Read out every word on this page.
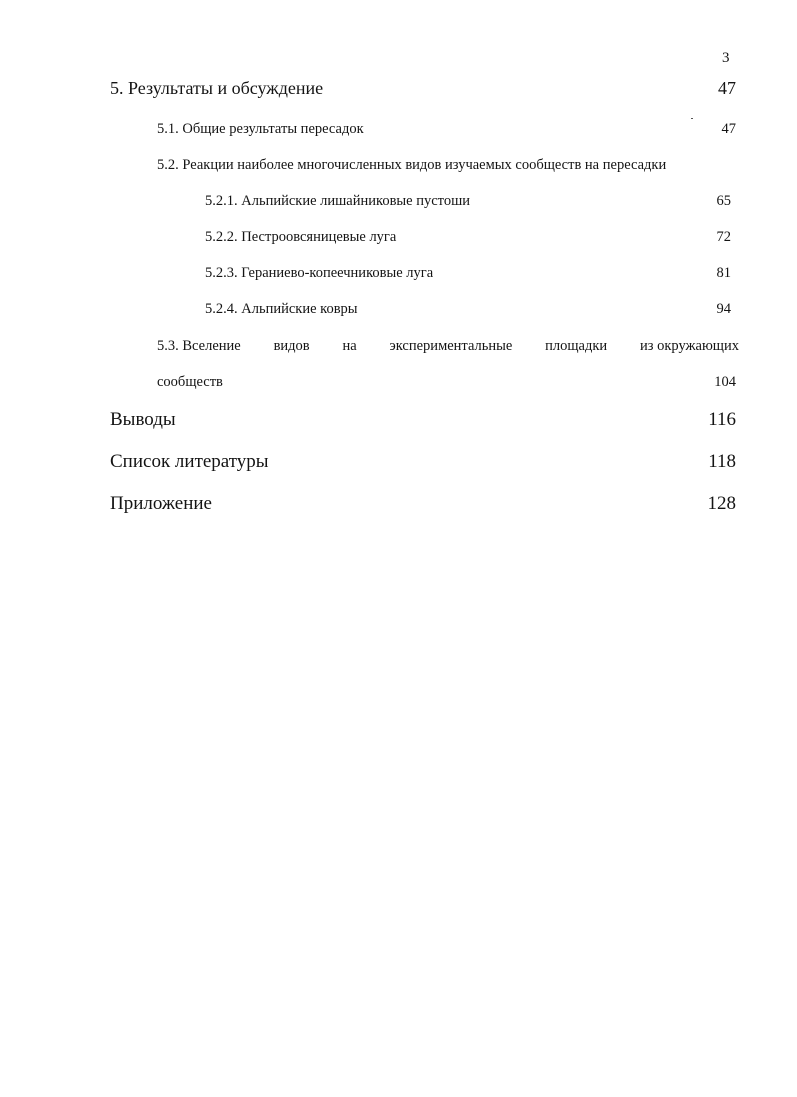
3
5. Результаты и обсуждение	47
5.1. Общие результаты пересадок	47
5.2. Реакции наиболее многочисленных видов изучаемых сообществ на пересадки
5.2.1. Альпийские лишайниковые пустоши	65
5.2.2. Пестроовсяницевые луга	72
5.2.3. Гераниево-копеечниковые луга	81
5.2.4. Альпийские ковры	94
5.3. Вселение видов на экспериментальные площадки из окружающих
сообществ	104
Выводы	116
Список литературы	118
Приложение	128
